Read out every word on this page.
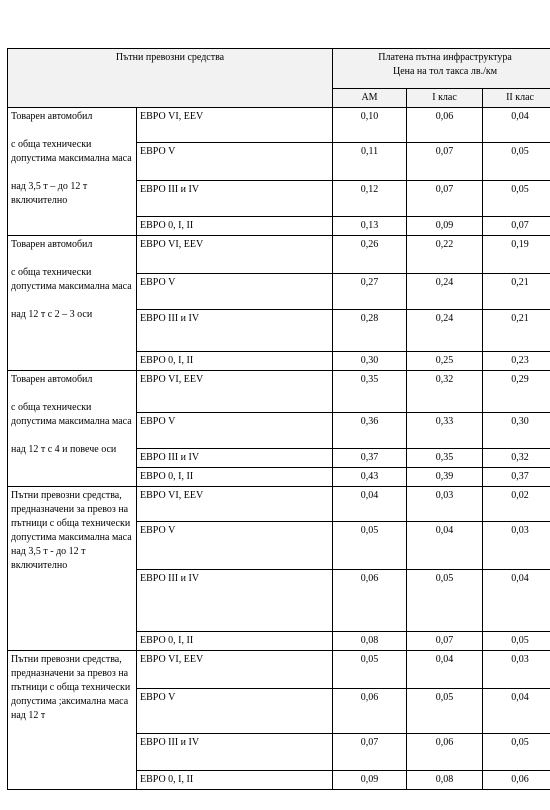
Пътни превозни средства		Платена пътна инфраструктура
Цена на тол такса лв./км		

		АМ	I клас	II клас
Товарен автомобил

с обща технически допустима максимална маса

над 3,5 т – до 12 т включително	ЕВРО VI, EEV	0,10	0,06	0,04
	ЕВРО V	0,11	0,07	0,05
	ЕВРО III и IV	0,12	0,07	0,05
	ЕВРО 0, I, II	0,13	0,09	0,07
Товарен автомобил

с обща технически допустима максимална маса

над 12 т с 2 – 3 оси	ЕВРО VI, EEV	0,26	0,22	0,19
	ЕВРО V	0,27	0,24	0,21
	ЕВРО III и IV	0,28	0,24	0,21
	ЕВРО 0, I, II	0,30	0,25	0,23
Товарен автомобил

с обща технически допустима максимална маса

над 12 т с 4 и повече оси	ЕВРО VI, EEV	0,35	0,32	0,29
	ЕВРО V	0,36	0,33	0,30
	ЕВРО III и IV	0,37	0,35	0,32
	ЕВРО 0, I, II	0,43	0,39	0,37
Пътни превозни средства, предназначени за превоз на пътници с обща технически допустима максимална маса над 3,5 т - до 12 т включително	ЕВРО VI, EEV	0,04	0,03	0,02
	ЕВРО V	0,05	0,04	0,03
	ЕВРО III и IV	0,06	0,05	0,04
	ЕВРО 0, I, II	0,08	0,07	0,05
Пътни превозни средства, предназначени за превоз на пътници с обща технически допустима ;аксимална маса над 12 т	ЕВРО VI, EEV	0,05	0,04	0,03
	ЕВРО V	0,06	0,05	0,04
	ЕВРО III и IV	0,07	0,06	0,05
	ЕВРО 0, I, II	0,09	0,08	0,06
